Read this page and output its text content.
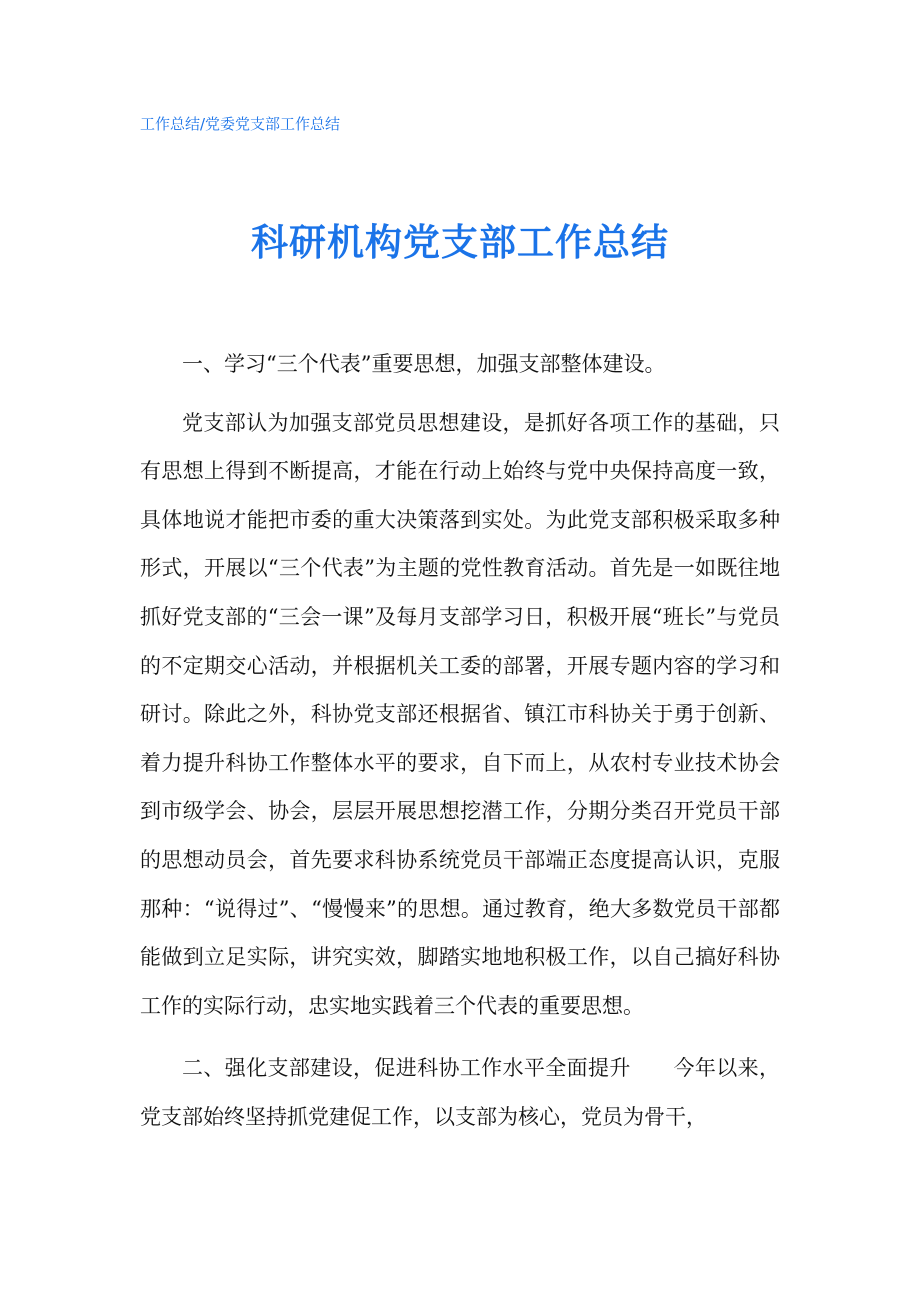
工作总结/党委党支部工作总结
科研机构党支部工作总结

一、学习“三个代表”重要思想，加强支部整体建设。

党支部认为加强支部党员思想建设，是抓好各项工作的基础，只有思想上得到不断提高，才能在行动上始终与党中央保持高度一致，具体地说才能把市委的重大决策落到实处。为此党支部积极采取多种形式，开展以“三个代表”为主题的党性教育活动。首先是一如既往地抓好党支部的“三会一课”及每月支部学习日，积极开展“班长”与党员的不定期交心活动，并根据机关工委的部署，开展专题内容的学习和研讨。除此之外，科协党支部还根据省、镇江市科协关于勇于创新、着力提升科协工作整体水平的要求，自下而上，从农村专业技术协会到市级学会、协会，层层开展思想挖潜工作，分期分类召开党员干部的思想动员会，首先要求科协系统党员干部端正态度提高认识，克服那种：“说得过”、“慢慢来”的思想。通过教育，绝大多数党员干部都能做到立足实际，讲究实效，脚踏实地地积极工作，以自己搞好科协工作的实际行动，忠实地实践着三个代表的重要思想。

二、强化支部建设，促进科协工作水平全面提升　　今年以来，党支部始终坚持抓党建促工作，以支部为核心，党员为骨干，
